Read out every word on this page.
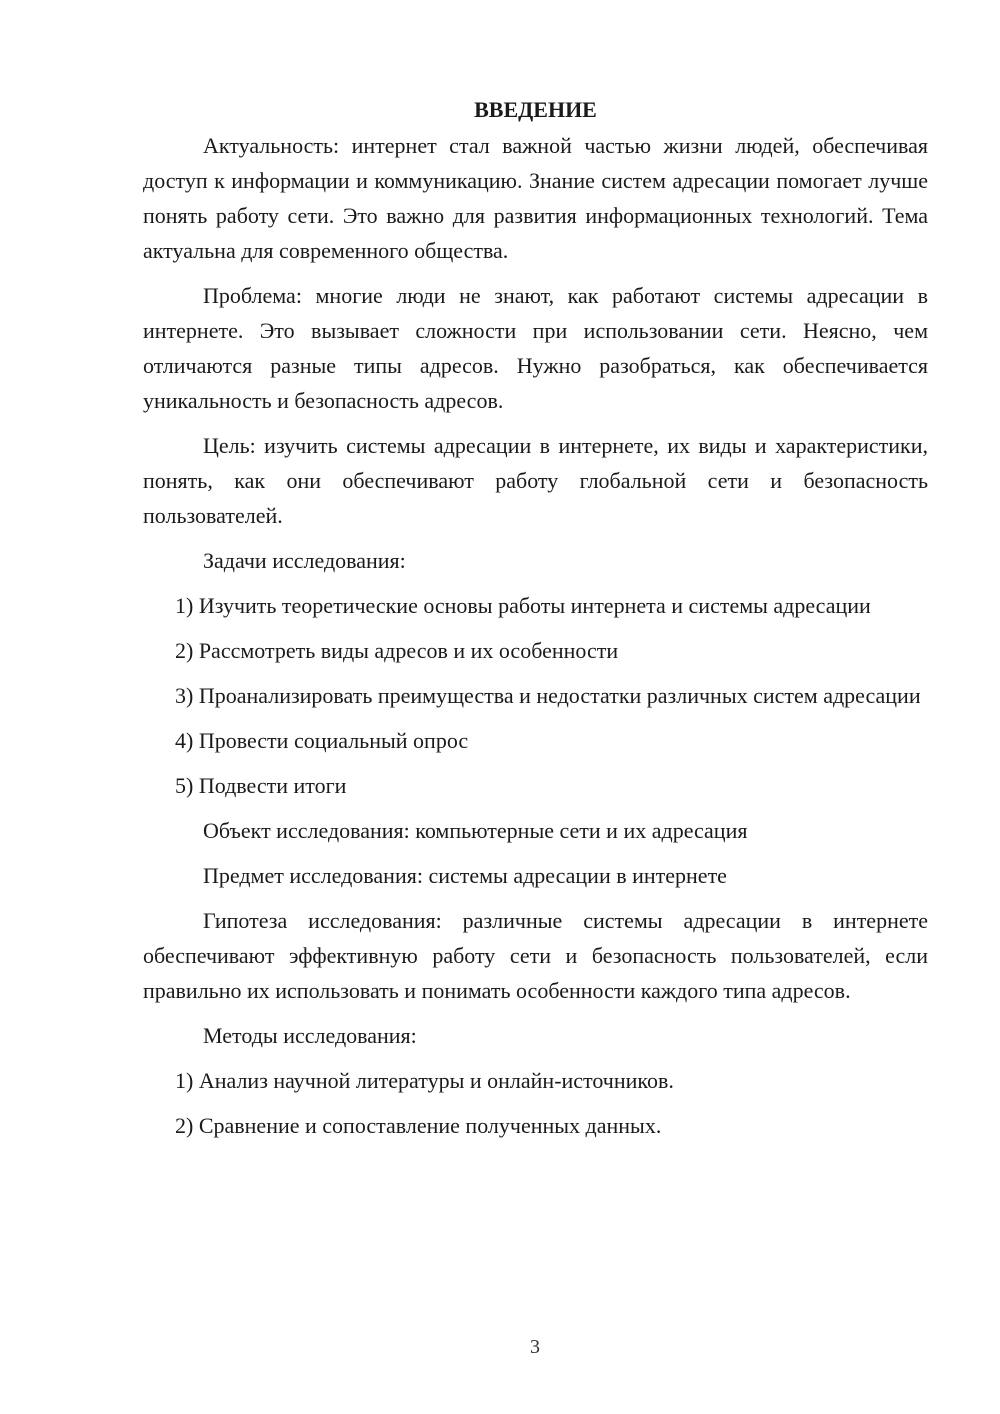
ВВЕДЕНИЕ

Актуальность: интернет стал важной частью жизни людей, обеспечивая доступ к информации и коммуникацию. Знание систем адресации помогает лучше понять работу сети. Это важно для развития информационных технологий. Тема актуальна для современного общества.

Проблема: многие люди не знают, как работают системы адресации в интернете. Это вызывает сложности при использовании сети. Неясно, чем отличаются разные типы адресов. Нужно разобраться, как обеспечивается уникальность и безопасность адресов.

Цель: изучить системы адресации в интернете, их виды и характеристики, понять, как они обеспечивают работу глобальной сети и безопасность пользователей.

Задачи исследования:

1) Изучить теоретические основы работы интернета и системы адресации

2) Рассмотреть виды адресов и их особенности

3) Проанализировать преимущества и недостатки различных систем адресации

4) Провести социальный опрос

5) Подвести итоги

Объект исследования: компьютерные сети и их адресация

Предмет исследования: системы адресации в интернете

Гипотеза исследования: различные системы адресации в интернете обеспечивают эффективную работу сети и безопасность пользователей, если правильно их использовать и понимать особенности каждого типа адресов.

Методы исследования:

1) Анализ научной литературы и онлайн-источников.

2) Сравнение и сопоставление полученных данных.

3
